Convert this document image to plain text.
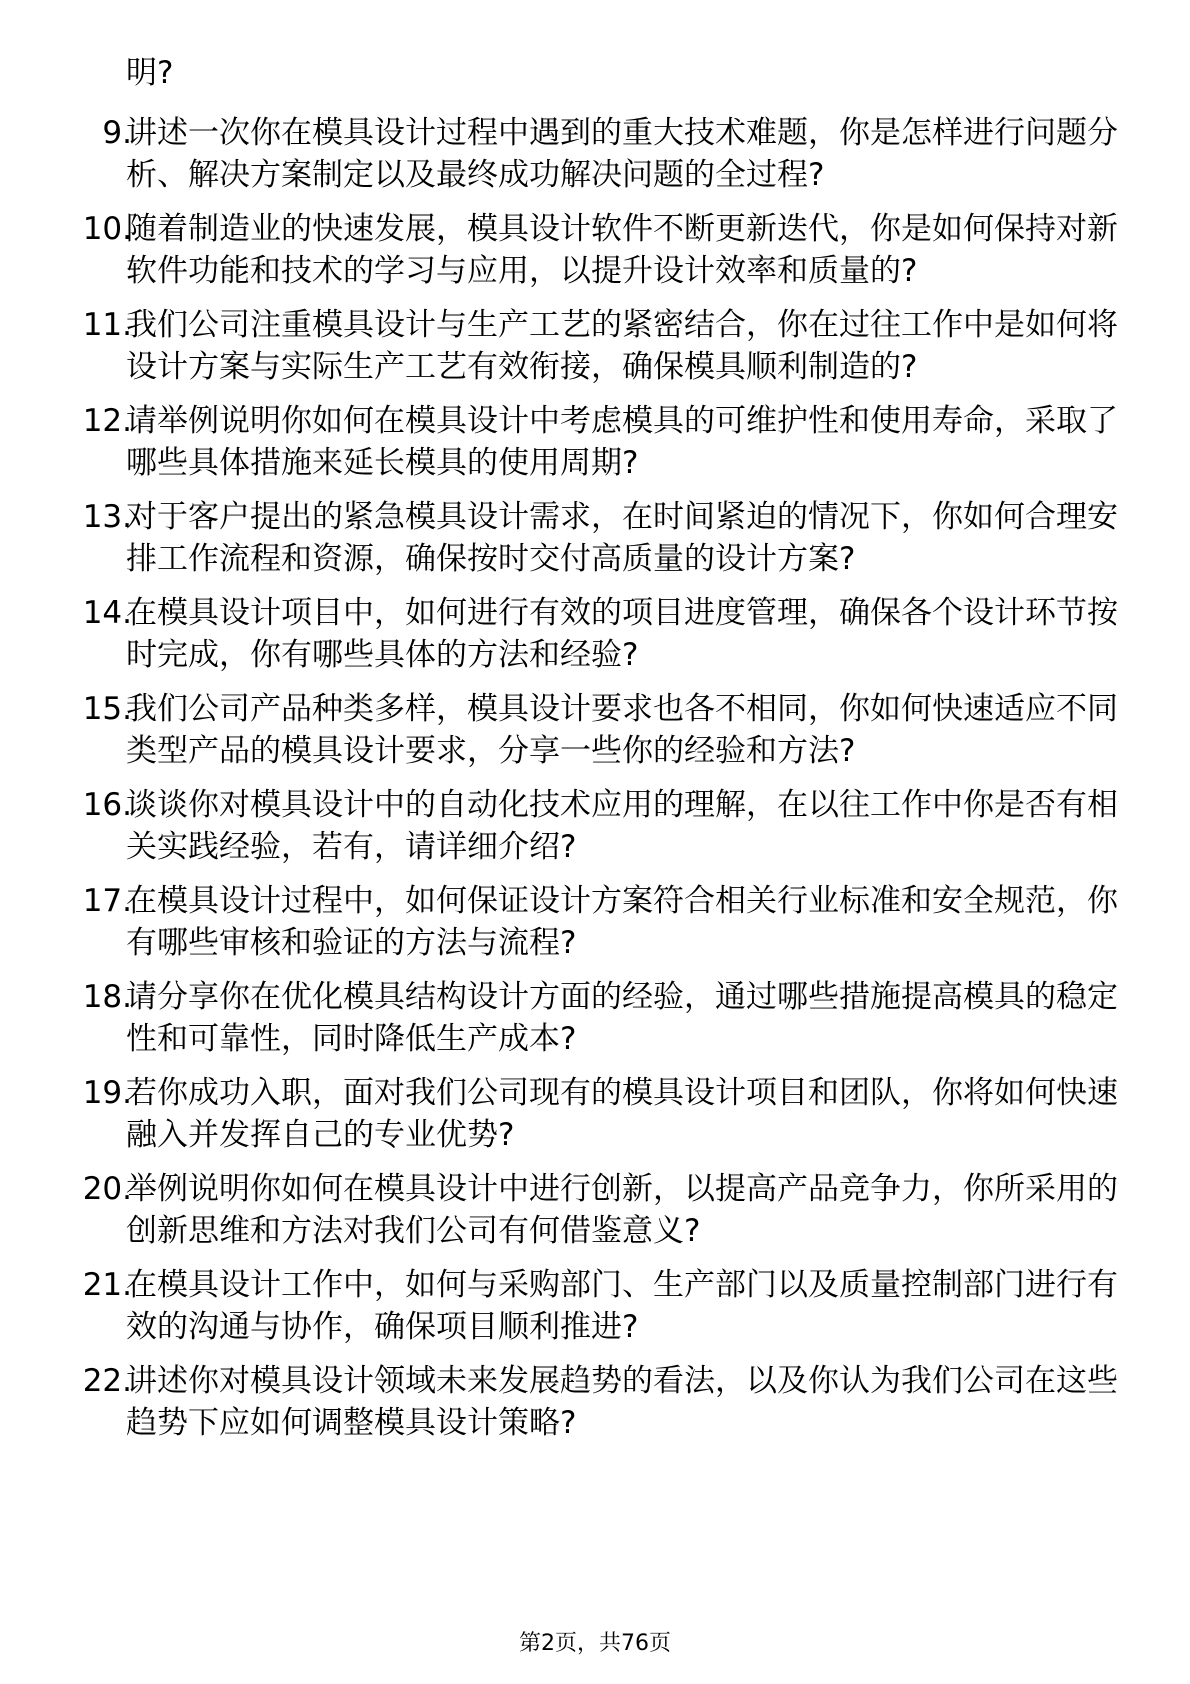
明?
9.
讲述一次你在模具设计过程中遇到的重大技术难题，你是怎样进行问题分析、解决方案制定以及最终成功解决问题的全过程?
10.
随着制造业的快速发展，模具设计软件不断更新迭代，你是如何保持对新软件功能和技术的学习与应用，以提升设计效率和质量的?
11.
我们公司注重模具设计与生产工艺的紧密结合，你在过往工作中是如何将设计方案与实际生产工艺有效衔接，确保模具顺利制造的?
12.
请举例说明你如何在模具设计中考虑模具的可维护性和使用寿命，采取了哪些具体措施来延长模具的使用周期?
13.
对于客户提出的紧急模具设计需求，在时间紧迫的情况下，你如何合理安排工作流程和资源，确保按时交付高质量的设计方案?
14.
在模具设计项目中，如何进行有效的项目进度管理，确保各个设计环节按时完成，你有哪些具体的方法和经验?
15.
我们公司产品种类多样，模具设计要求也各不相同，你如何快速适应不同类型产品的模具设计要求，分享一些你的经验和方法?
16.
谈谈你对模具设计中的自动化技术应用的理解，在以往工作中你是否有相关实践经验，若有，请详细介绍?
17.
在模具设计过程中，如何保证设计方案符合相关行业标准和安全规范，你有哪些审核和验证的方法与流程?
18.
请分享你在优化模具结构设计方面的经验，通过哪些措施提高模具的稳定性和可靠性，同时降低生产成本?
19.
若你成功入职，面对我们公司现有的模具设计项目和团队，你将如何快速融入并发挥自己的专业优势?
20.
举例说明你如何在模具设计中进行创新，以提高产品竞争力，你所采用的创新思维和方法对我们公司有何借鉴意义?
21.
在模具设计工作中，如何与采购部门、生产部门以及质量控制部门进行有效的沟通与协作，确保项目顺利推进?
22.
讲述你对模具设计领域未来发展趋势的看法，以及你认为我们公司在这些趋势下应如何调整模具设计策略?
第2页，共76页
